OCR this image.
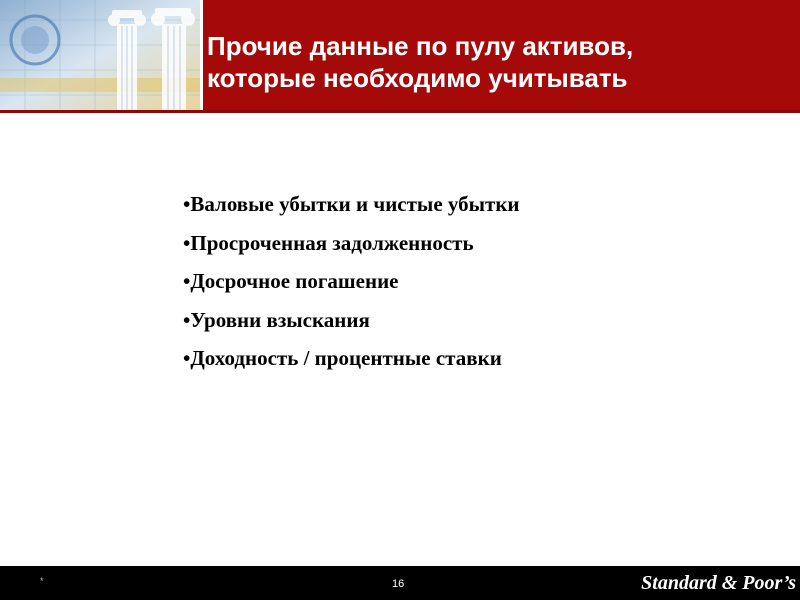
Прочие данные по пулу активов,
которые необходимо учитывать
•Валовые убытки и чистые убытки
•Просроченная задолженность
•Досрочное погашение
•Уровни взыскания
•Доходность / процентные ставки
*	16	Standard & Poor’s
